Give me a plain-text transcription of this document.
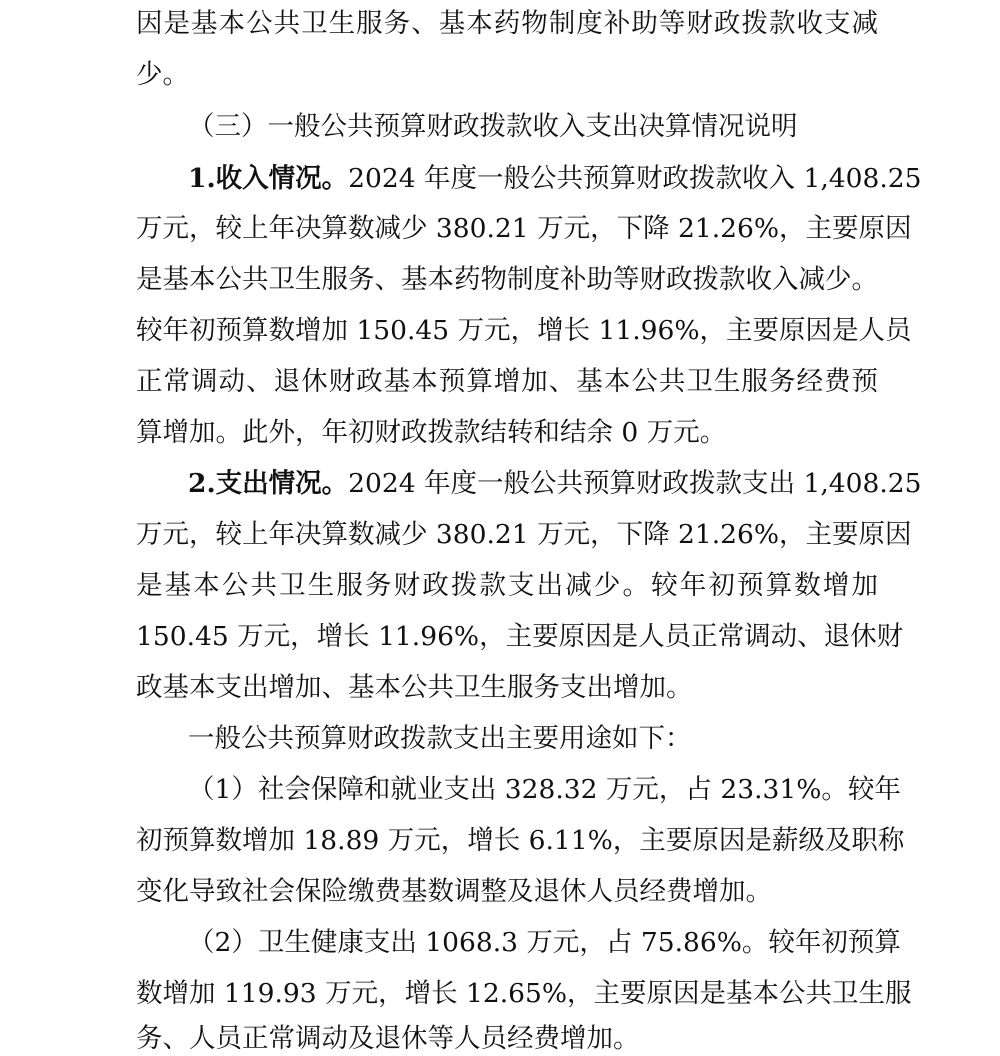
因是基本公共卫生服务、基本药物制度补助等财政拨款收支减
少。
（三）一般公共预算财政拨款收入支出决算情况说明
1.收入情况。2024 年度一般公共预算财政拨款收入 1,408.25
万元，较上年决算数减少 380.21 万元，下降 21.26%，主要原因
是基本公共卫生服务、基本药物制度补助等财政拨款收入减少。
较年初预算数增加 150.45 万元，增长 11.96%，主要原因是人员
正常调动、退休财政基本预算增加、基本公共卫生服务经费预
算增加。此外，年初财政拨款结转和结余 0 万元。
2.支出情况。2024 年度一般公共预算财政拨款支出 1,408.25
万元，较上年决算数减少 380.21 万元，下降 21.26%，主要原因
是基本公共卫生服务财政拨款支出减少。较年初预算数增加
150.45 万元，增长 11.96%，主要原因是人员正常调动、退休财
政基本支出增加、基本公共卫生服务支出增加。
一般公共预算财政拨款支出主要用途如下：
（1）社会保障和就业支出 328.32 万元，占 23.31%。较年
初预算数增加 18.89 万元，增长 6.11%，主要原因是薪级及职称
变化导致社会保险缴费基数调整及退休人员经费增加。
（2）卫生健康支出 1068.3 万元，占 75.86%。较年初预算
数增加 119.93 万元，增长 12.65%，主要原因是基本公共卫生服
务、人员正常调动及退休等人员经费增加。
